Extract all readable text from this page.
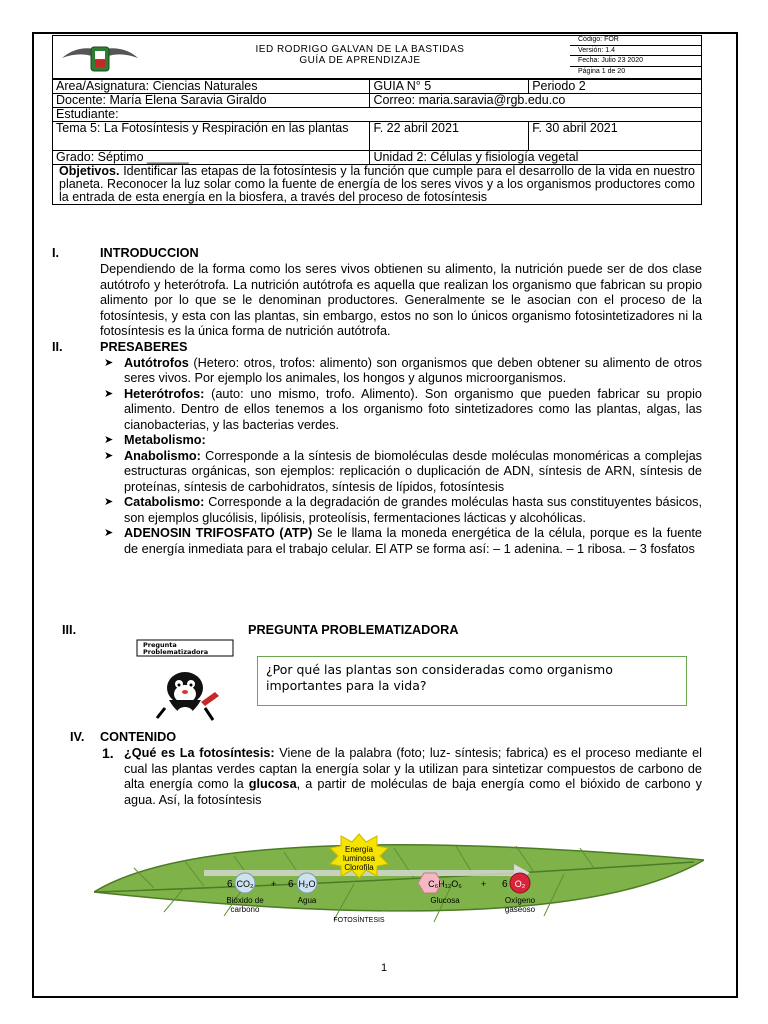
IED RODRIGO GALVAN DE LA BASTIDAS
GUÍA DE APRENDIZAJE
Código: FOR
Versión: 1.4
Fecha: Julio 23 2020
Página 1 de 20
Area/Asignatura: Ciencias Naturales	GUIA N° 5	Periodo 2
Docente: María Elena Saravia Giraldo	Correo: maria.saravia@rgb.edu.co	
Estudiante:		
Tema 5: La Fotosíntesis y Respiración en las plantas	F. 22 abril 2021	F. 30 abril 2021
Grado: Séptimo ______	Unidad 2: Células y fisiología vegetal	
Objetivos. Identificar las etapas de la fotosíntesis y la función que cumple para el desarrollo de la vida en nuestro planeta. Reconocer la luz solar como la fuente de energía de los seres vivos y a los organismos productores como la entrada de esta energía en la biosfera, a través del proceso de fotosíntesis		
I.	INTRODUCCION
Dependiendo de la forma como los seres vivos obtienen su alimento, la nutrición puede ser de dos clase autótrofo y heterótrofa. La nutrición autótrofa es aquella que realizan los organismo que fabrican su propio alimento por lo que se le denominan productores. Generalmente se le asocian con el proceso de la fotosíntesis, y esta con las plantas, sin embargo, estos no son lo únicos organismo fotosintetizadores ni la fotosíntesis es la única forma de nutrición autótrofa.
II.	PRESABERES
➤ Autótrofos (Hetero: otros, trofos: alimento) son organismos que deben obtener su alimento de otros seres vivos. Por ejemplo los animales, los hongos y algunos microorganismos.
➤ Heterótrofos: (auto: uno mismo, trofo. Alimento). Son organismo que pueden fabricar su propio alimento. Dentro de ellos tenemos a los organismo foto sintetizadores como las plantas, algas, las cianobacterias, y las bacterias verdes.
➤ Metabolismo:
➤ Anabolismo: Corresponde a la síntesis de biomoléculas desde moléculas monoméricas a complejas estructuras orgánicas, son ejemplos: replicación o duplicación de ADN, síntesis de ARN, síntesis de proteínas, síntesis de carbohidratos, síntesis de lípidos, fotosíntesis
➤ Catabolismo: Corresponde a la degradación de grandes moléculas hasta sus constituyentes básicos, son ejemplos glucólisis, lipólisis, proteolísis, fermentaciones lácticas y alcohólicas.
➤ ADENOSIN TRIFOSFATO (ATP) Se le llama la moneda energética de la célula, porque es la fuente de energía inmediata para el trabajo celular. El ATP se forma así: – 1 adenina. – 1 ribosa. – 3 fosfatos
III.	PREGUNTA PROBLEMATIZADORA
Pregunta
Problematizadora
¿Por qué las plantas son consideradas como organismo importantes para la vida?
IV. CONTENIDO
1. ¿Qué es La fotosíntesis: Viene de la palabra (foto; luz- síntesis; fabrica) es el proceso mediante el cual las plantas verdes captan la energía solar y la utilizan para sintetizar compuestos de carbono de alta energía como la glucosa, a partir de moléculas de baja energía como el bióxido de carbono y agua. Así, la fotosíntesis
Energía
luminosa
Clorofila
6 CO₂
Bióxido de
carbono
+ 6 H₂O
Agua
C₆H₁₂O₆
Glucosa
+ 6 O₂
Oxígeno
gaseoso
FOTOSÍNTESIS
1
